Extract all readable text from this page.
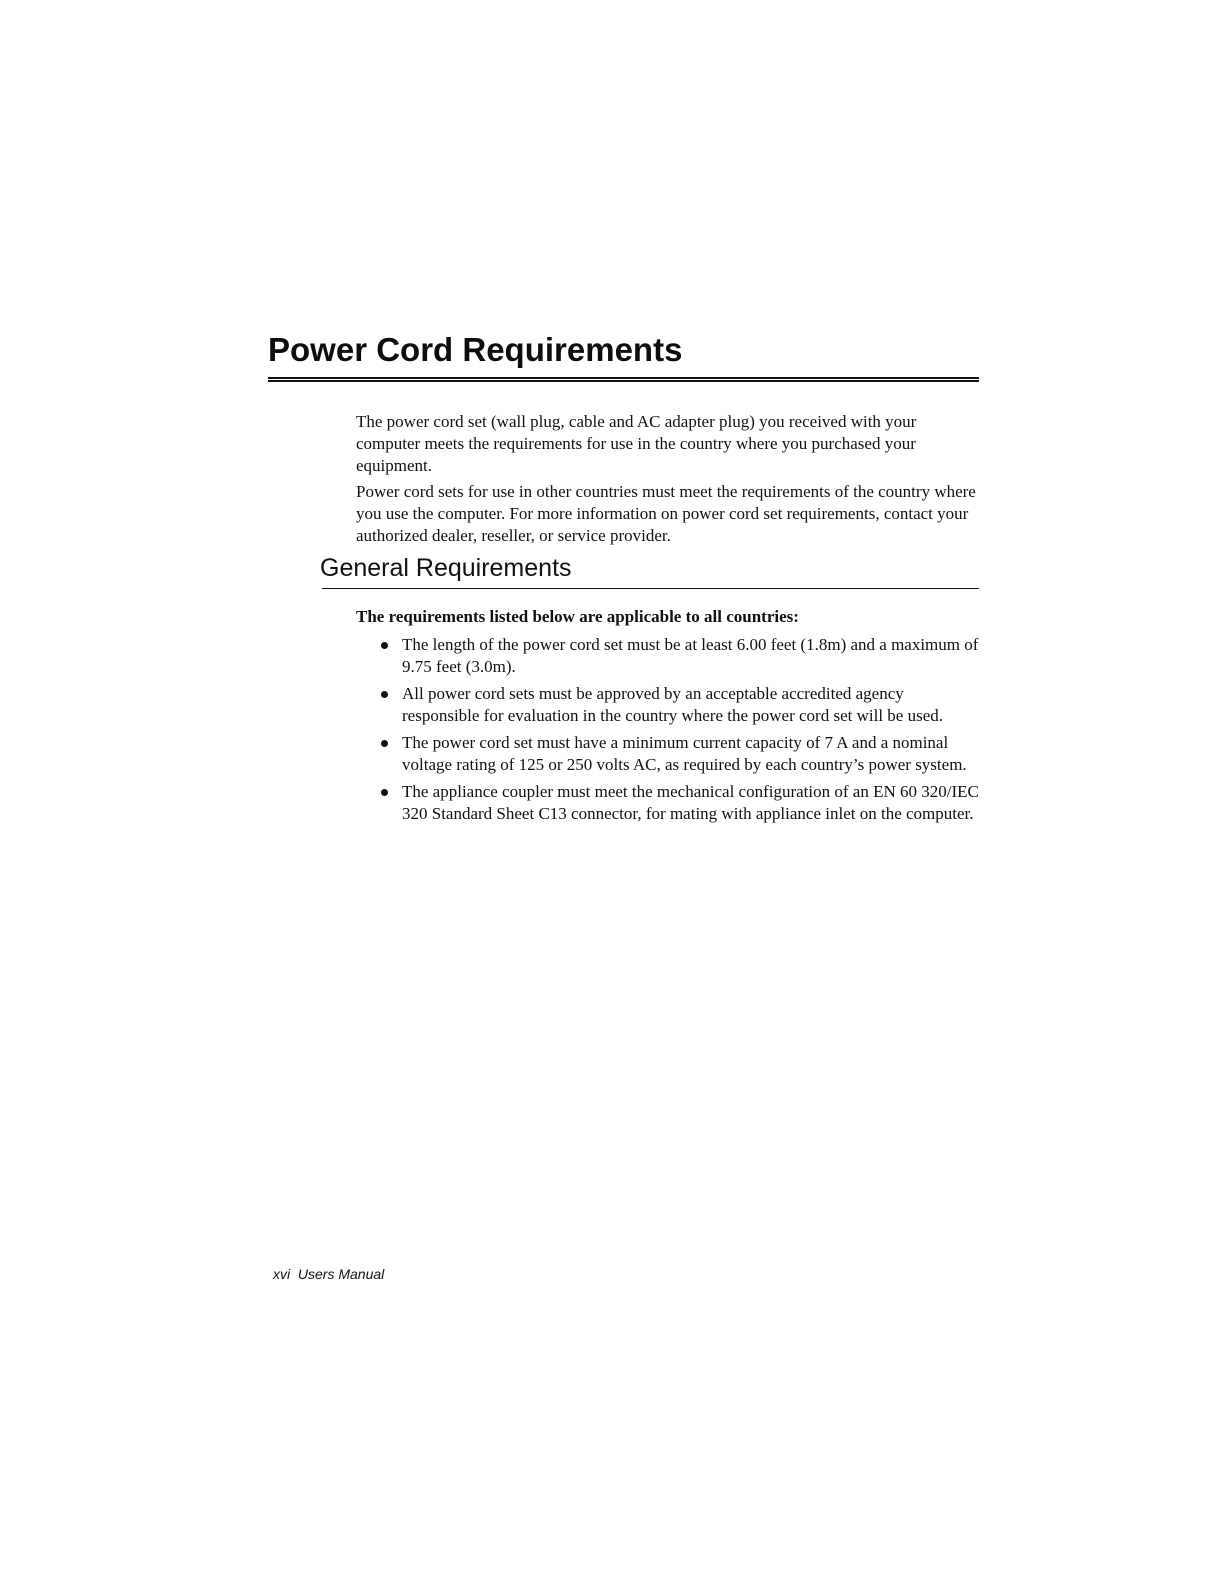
Power Cord Requirements

The power cord set (wall plug, cable and AC adapter plug) you received with your computer meets the requirements for use in the country where you purchased your equipment.

Power cord sets for use in other countries must meet the requirements of the country where you use the computer. For more information on power cord set requirements, contact your authorized dealer, reseller, or service provider.

General Requirements

The requirements listed below are applicable to all countries:

The length of the power cord set must be at least 6.00 feet (1.8m) and a maximum of 9.75 feet (3.0m).
All power cord sets must be approved by an acceptable accredited agency responsible for evaluation in the country where the power cord set will be used.
The power cord set must have a minimum current capacity of 7 A and a nominal voltage rating of 125 or 250 volts AC, as required by each country’s power system.
The appliance coupler must meet the mechanical configuration of an EN 60 320/IEC 320 Standard Sheet C13 connector, for mating with appliance inlet on the computer.
xvi Users Manual
